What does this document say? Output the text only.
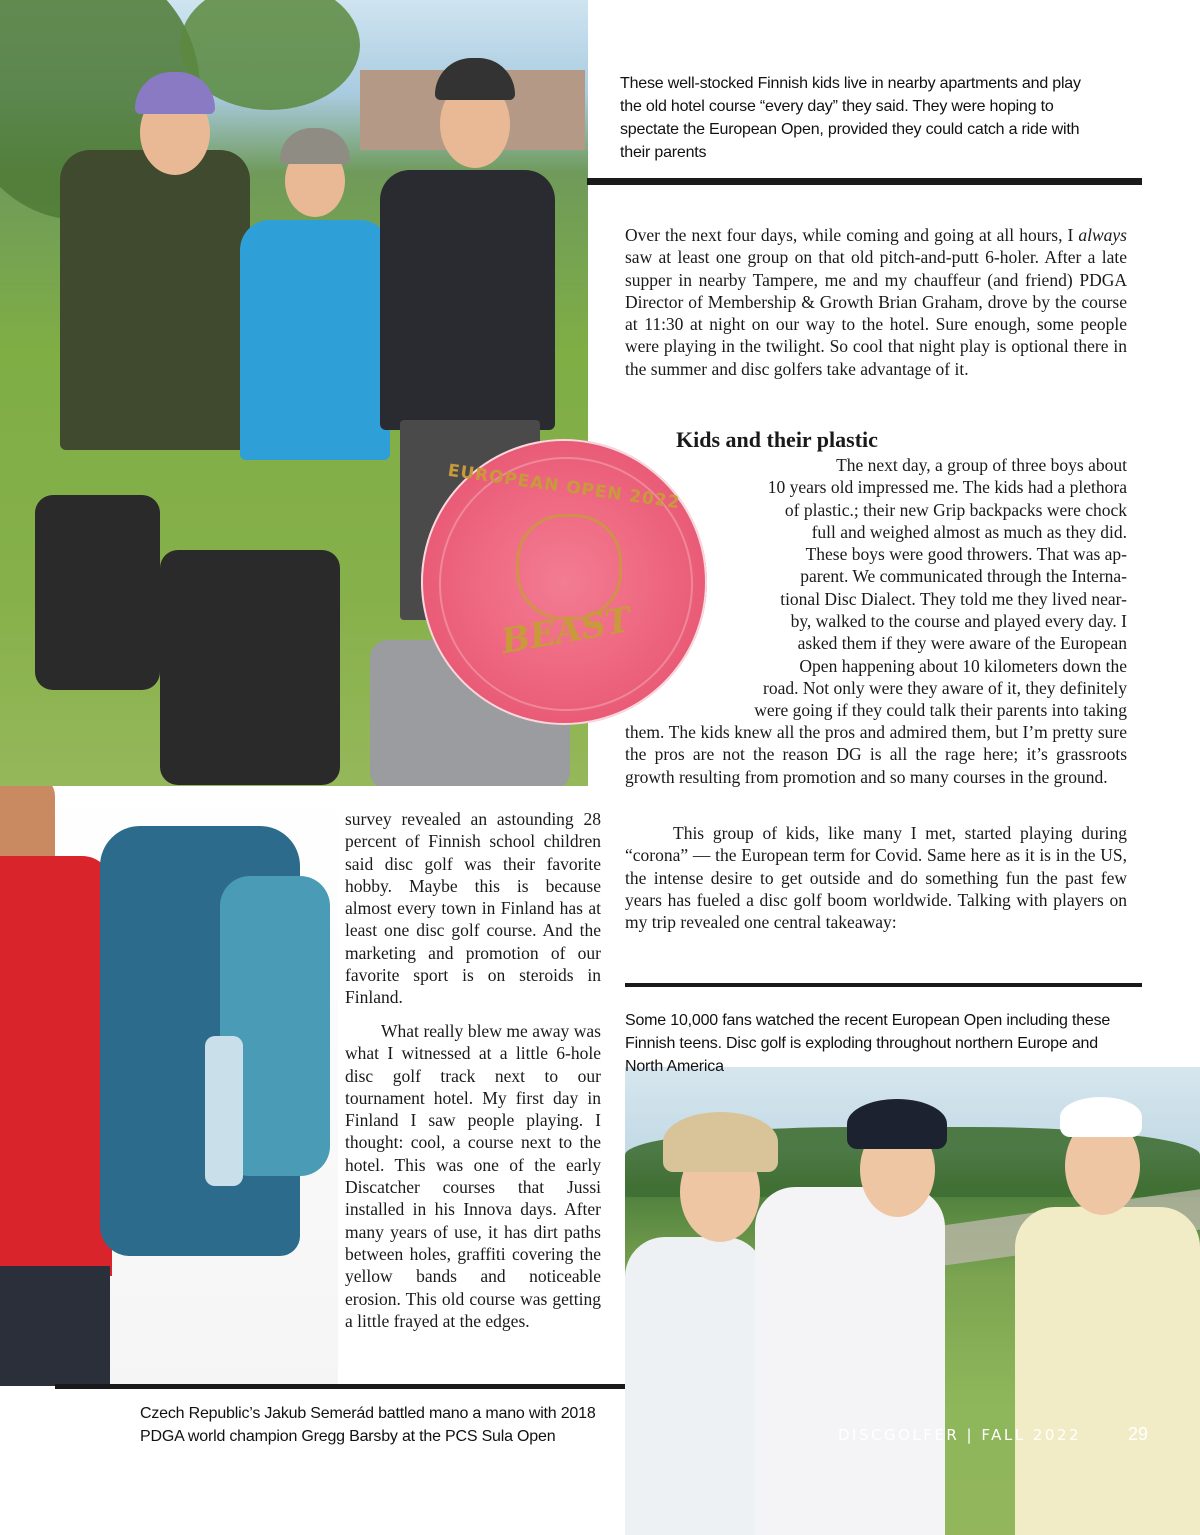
EUROPEAN OPEN 2022
BEAST
These well-stocked Finnish kids live in nearby apartments and play the old hotel course “every day” they said. They were hoping to spectate the European Open, provided they could catch a ride with their parents
Some 10,000 fans watched the recent European Open including these Finnish teens. Disc golf is exploding throughout northern Europe and North America
Czech Republic’s Jakub Semerád battled mano a mano with 2018 PDGA world champion Gregg Barsby at the PCS Sula Open

Over the next four days, while coming and going at all hours, I always saw at least one group on that old pitch-and-putt 6-holer. After a late supper in nearby Tampere, me and my chauffeur (and friend) PDGA Director of Membership & Growth Brian Graham, drove by the course at 11:30 at night on our way to the hotel. Sure enough, some people were playing in the twilight. So cool that night play is optional there in the summer and disc golfers take advantage of it.

Kids and their plastic
The next day, a group of three boys about
10 years old impressed me. The kids had a plethora
of plastic.; their new Grip backpacks were chock
full and weighed almost as much as they did.
These boys were good throwers. That was ap-
parent. We communicated through the Interna-
tional Disc Dialect. They told me they lived near-
by, walked to the course and played every day. I
asked them if they were aware of the European
Open happening about 10 kilometers down the
road. Not only were they aware of it, they definitely
were going if they could talk their parents into taking

them. The kids knew all the pros and admired them, but I’m pretty sure the pros are not the reason DG is all the rage here; it’s grassroots growth resulting from promotion and so many courses in the ground.

This group of kids, like many I met, started playing during “corona” — the European term for Covid. Same here as it is in the US, the intense desire to get outside and do something fun the past few years has fueled a disc golf boom worldwide. Talking with players on my trip revealed one central takeaway:

survey revealed an astounding 28 percent of Finnish school children said disc golf was their favorite hobby. Maybe this is because almost every town in Finland has at least one disc golf course. And the marketing and promotion of our favorite sport is on steroids in Finland.

What really blew me away was what I witnessed at a little 6-hole disc golf track next to our tournament hotel. My first day in Finland I saw people playing. I thought: cool, a course next to the hotel. This was one of the early Discatcher courses that Jussi installed in his Innova days. After many years of use, it has dirt paths between holes, graffiti covering the yellow bands and noticeable erosion. This old course was getting a little frayed at the edges.

DISCGOLFER | FALL 2022	29
